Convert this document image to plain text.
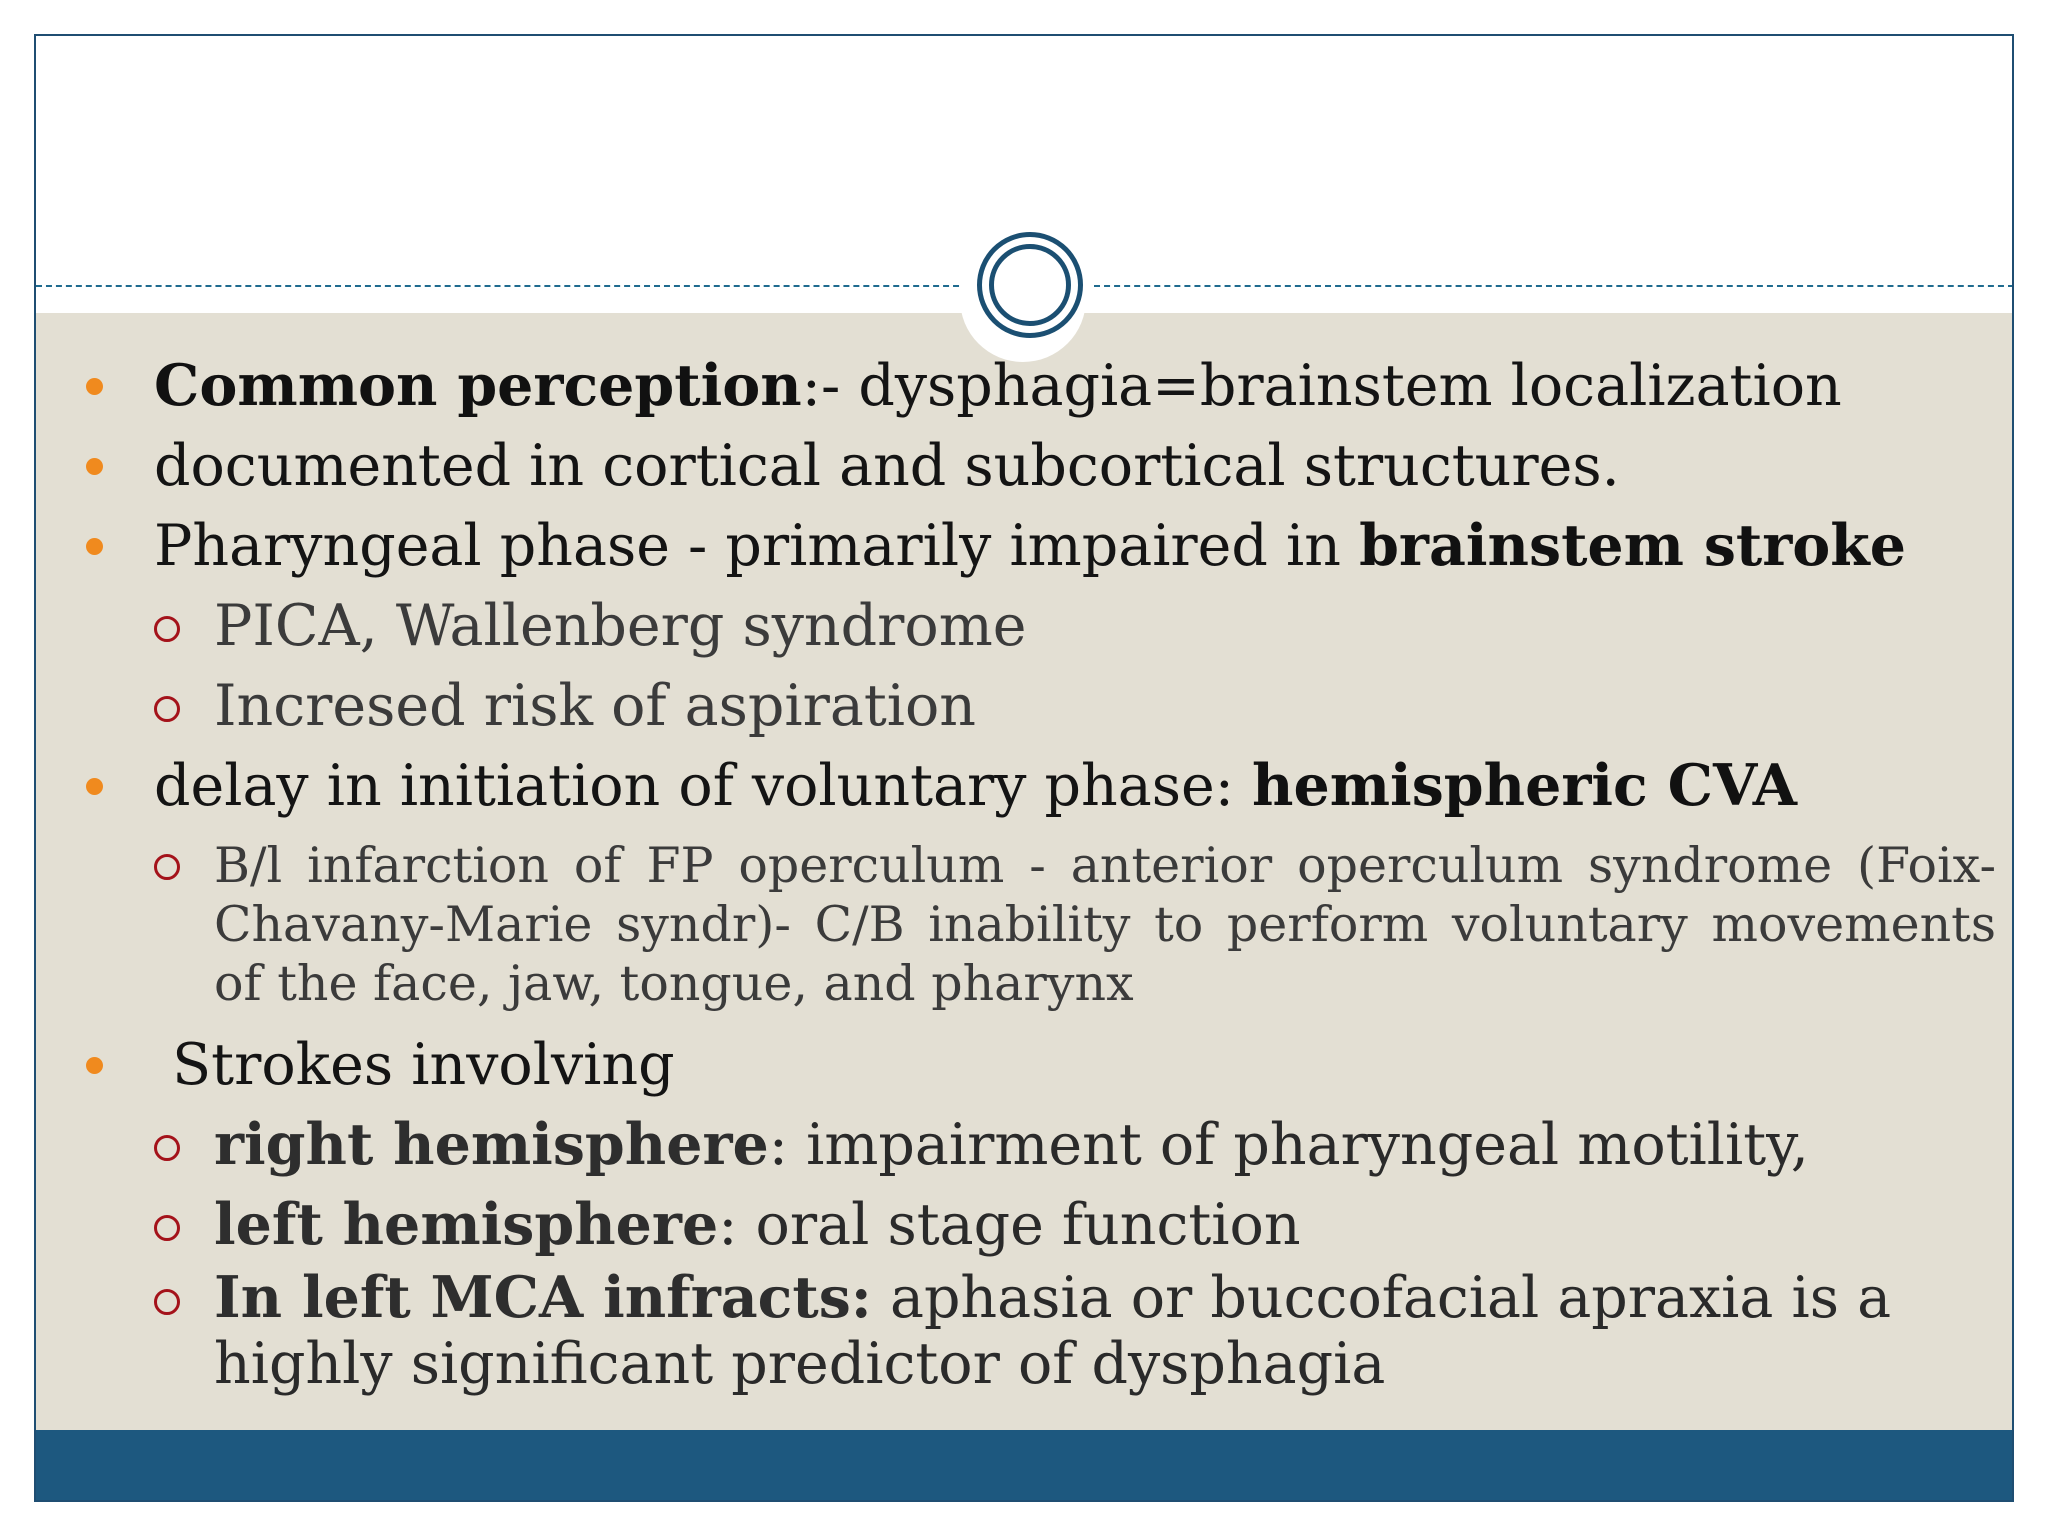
Common perception:- dysphagia=brainstem localization
documented in cortical and subcortical structures.
Pharyngeal phase - primarily impaired in brainstem stroke
PICA, Wallenberg syndrome
Incresed risk of aspiration
delay in initiation of voluntary phase: hemispheric CVA
B/l infarction of FP operculum - anterior operculum syndrome (Foix-Chavany-Marie syndr)- C/B inability to perform voluntary movements of the face, jaw, tongue, and pharynx
Strokes involving
right hemisphere: impairment of pharyngeal motility,
left hemisphere: oral stage function
In left MCA infracts: aphasia or buccofacial apraxia is a highly significant predictor of dysphagia
